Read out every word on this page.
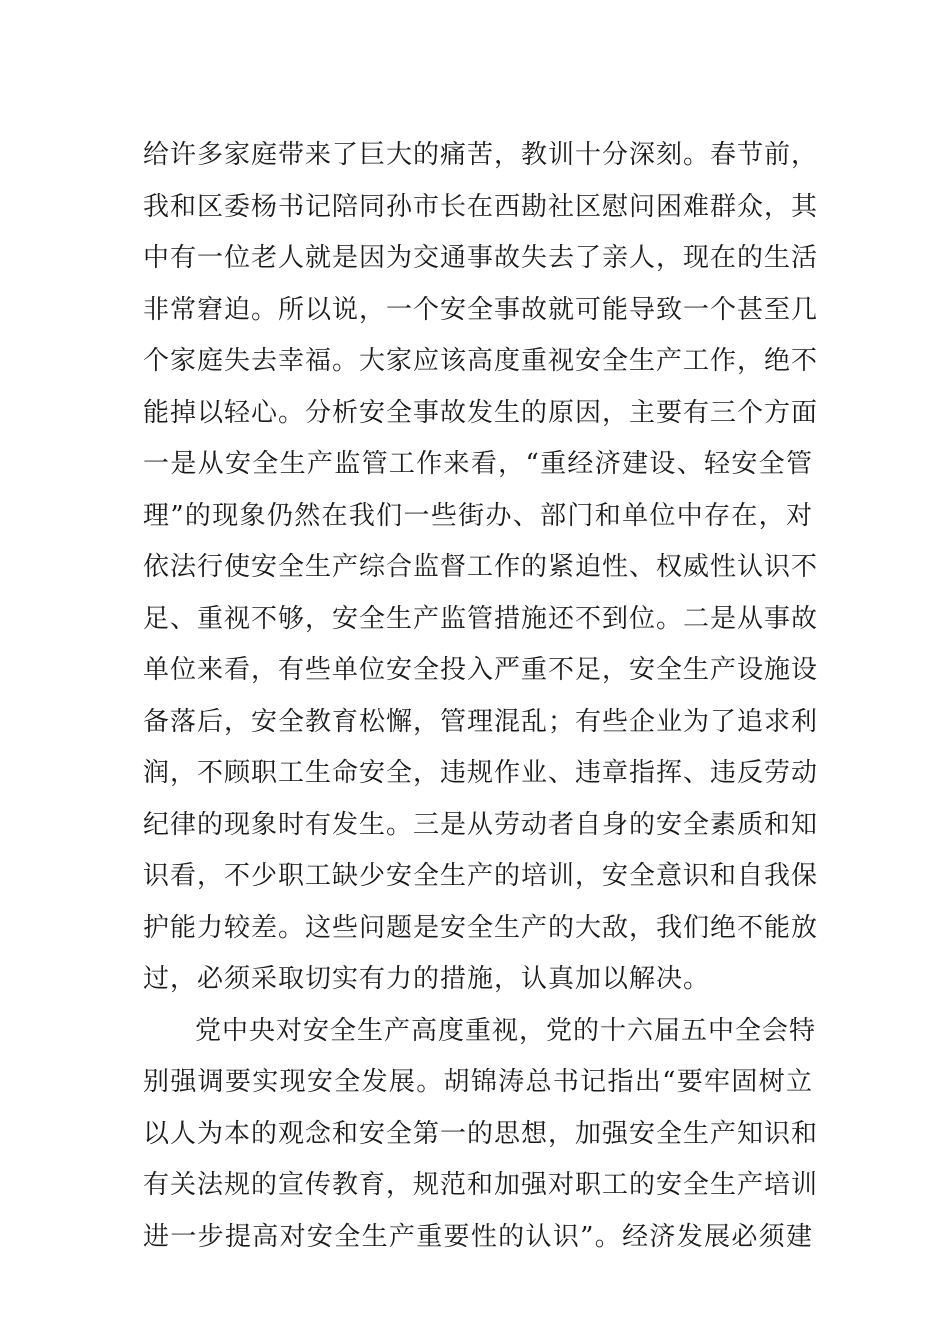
给许多家庭带来了巨大的痛苦，教训十分深刻。春节前，
我和区委杨书记陪同孙市长在西勘社区慰问困难群众，其
中有一位老人就是因为交通事故失去了亲人，现在的生活
非常窘迫。所以说，一个安全事故就可能导致一个甚至几
个家庭失去幸福。大家应该高度重视安全生产工作，绝不
能掉以轻心。分析安全事故发生的原因，主要有三个方面
一是从安全生产监管工作来看，“重经济建设、轻安全管
理”的现象仍然在我们一些街办、部门和单位中存在，对
依法行使安全生产综合监督工作的紧迫性、权威性认识不
足、重视不够，安全生产监管措施还不到位。二是从事故
单位来看，有些单位安全投入严重不足，安全生产设施设
备落后，安全教育松懈，管理混乱；有些企业为了追求利
润，不顾职工生命安全，违规作业、违章指挥、违反劳动
纪律的现象时有发生。三是从劳动者自身的安全素质和知
识看，不少职工缺少安全生产的培训，安全意识和自我保
护能力较差。这些问题是安全生产的大敌，我们绝不能放
过，必须采取切实有力的措施，认真加以解决。
党中央对安全生产高度重视，党的十六届五中全会特
别强调要实现安全发展。胡锦涛总书记指出“要牢固树立
以人为本的观念和安全第一的思想，加强安全生产知识和
有关法规的宣传教育，规范和加强对职工的安全生产培训
进一步提高对安全生产重要性的认识”。经济发展必须建
